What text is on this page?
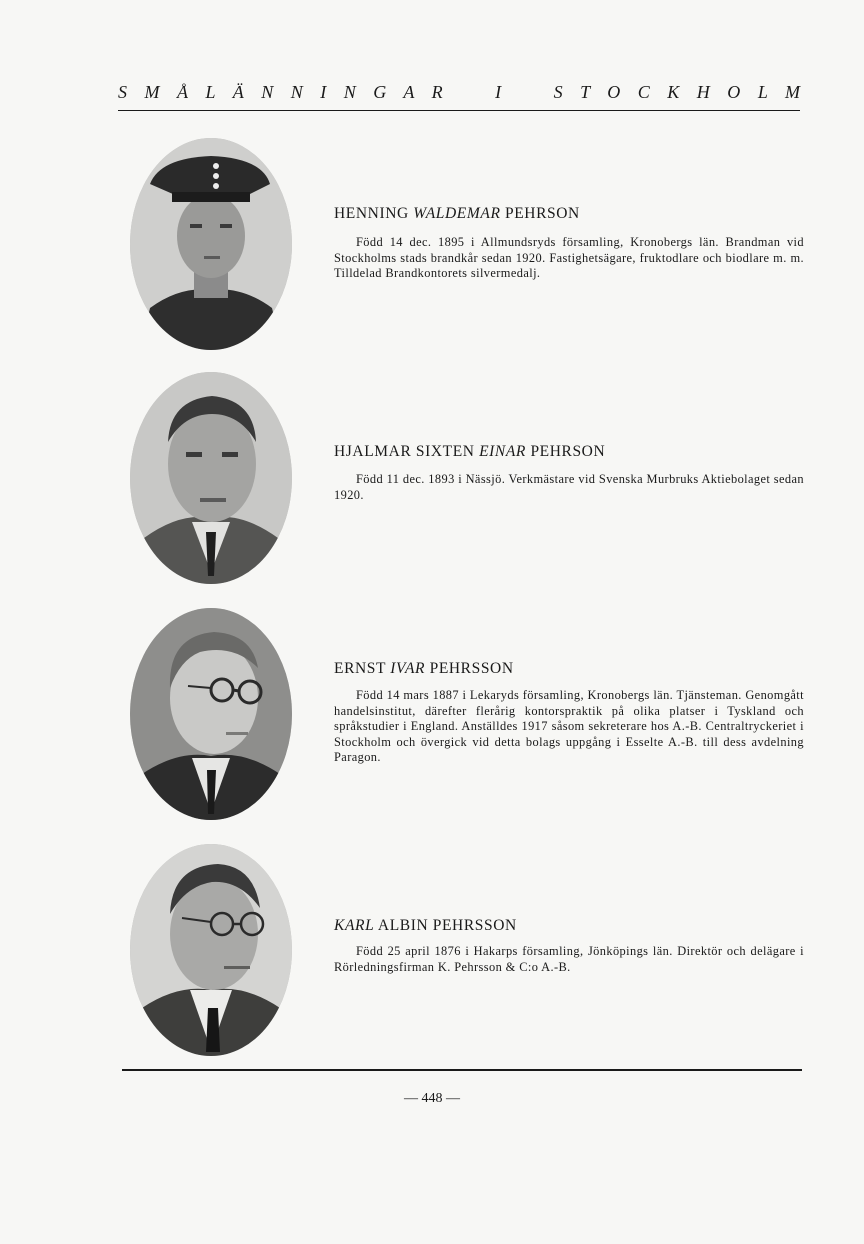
S M Å L Ä N N I N G A R   I   S T O C K H O L M
HENNING WALDEMAR PEHRSON
Född 14 dec. 1895 i Allmundsryds församling, Kronobergs län. Brandman vid Stockholms stads brandkår sedan 1920. Fastighetsägare, fruktodlare och biodlare m. m. Tilldelad Brandkontorets silvermedalj.
HJALMAR SIXTEN EINAR PEHRSON
Född 11 dec. 1893 i Nässjö. Verkmästare vid Svenska Murbruks Aktiebolaget sedan 1920.
ERNST IVAR PEHRSSON
Född 14 mars 1887 i Lekaryds församling, Kronobergs län. Tjänsteman. Genomgått handelsinstitut, därefter flerårig kontorspraktik på olika platser i Tyskland och språkstudier i England. Anställdes 1917 såsom sekreterare hos A.-B. Centraltryckeriet i Stockholm och övergick vid detta bolags uppgång i Esselte A.-B. till dess avdelning Paragon.
KARL ALBIN PEHRSSON
Född 25 april 1876 i Hakarps församling, Jönköpings län. Direktör och delägare i Rörledningsfirman K. Pehrsson & C:o A.-B.
— 448 —
